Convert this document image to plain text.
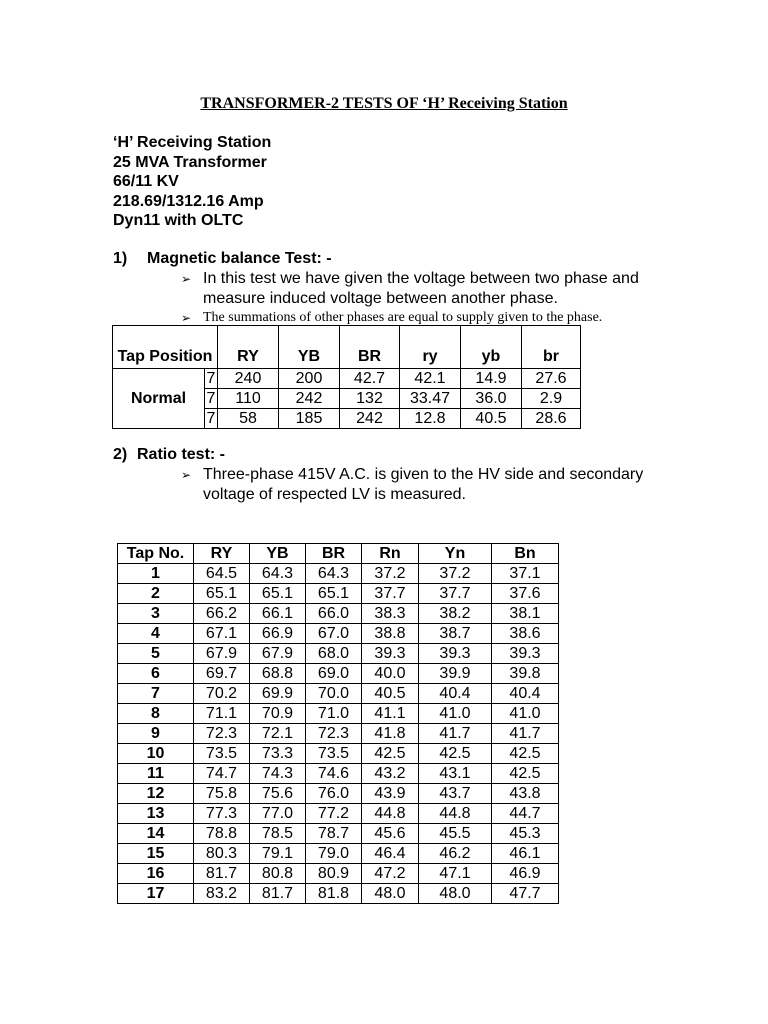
TRANSFORMER-2 TESTS OF ‘H’ Receiving Station
‘H’ Receiving Station
25 MVA Transformer
66/11 KV
218.69/1312.16 Amp
Dyn11 with OLTC
1) Magnetic balance Test: -
➢ In this test we have given the voltage between two phase and measure induced voltage between another phase.
➢ The summations of other phases are equal to supply given to the phase.
Tap Position		RY	YB	BR	ry	yb	br
Normal	7	240	200	42.7	42.1	14.9	27.6
	7	110	242	132	33.47	36.0	2.9
	7	58	185	242	12.8	40.5	28.6
2) Ratio test: -
➢ Three-phase 415V A.C. is given to the HV side and secondary voltage of respected LV is measured.
Tap No.	RY	YB	BR	Rn	Yn	Bn
1	64.5	64.3	64.3	37.2	37.2	37.1
2	65.1	65.1	65.1	37.7	37.7	37.6
3	66.2	66.1	66.0	38.3	38.2	38.1
4	67.1	66.9	67.0	38.8	38.7	38.6
5	67.9	67.9	68.0	39.3	39.3	39.3
6	69.7	68.8	69.0	40.0	39.9	39.8
7	70.2	69.9	70.0	40.5	40.4	40.4
8	71.1	70.9	71.0	41.1	41.0	41.0
9	72.3	72.1	72.3	41.8	41.7	41.7
10	73.5	73.3	73.5	42.5	42.5	42.5
11	74.7	74.3	74.6	43.2	43.1	42.5
12	75.8	75.6	76.0	43.9	43.7	43.8
13	77.3	77.0	77.2	44.8	44.8	44.7
14	78.8	78.5	78.7	45.6	45.5	45.3
15	80.3	79.1	79.0	46.4	46.2	46.1
16	81.7	80.8	80.9	47.2	47.1	46.9
17	83.2	81.7	81.8	48.0	48.0	47.7
